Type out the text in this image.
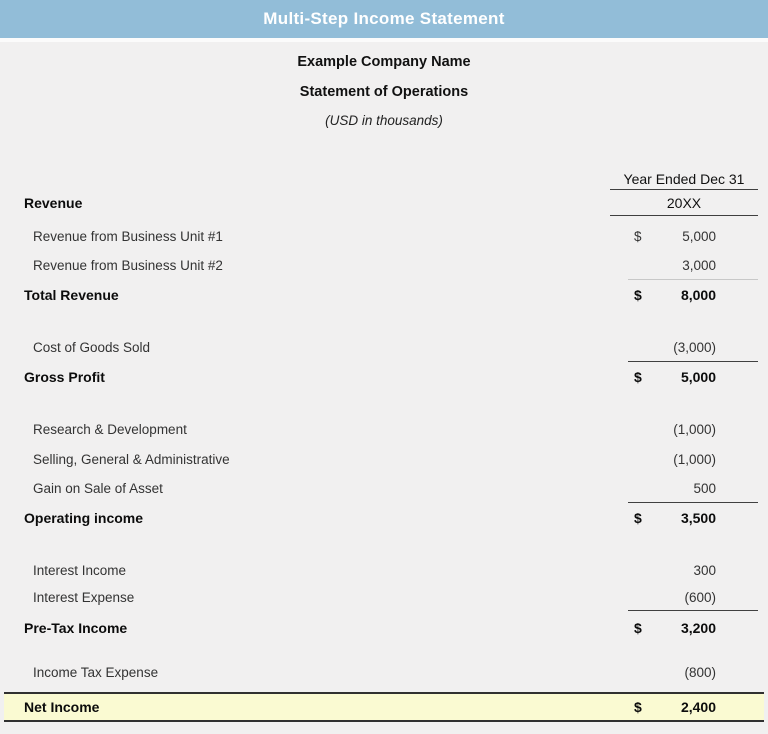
Multi-Step Income Statement
Example Company Name
Statement of Operations
(USD in thousands)
Year Ended Dec 31
Revenue	20XX
Revenue from Business Unit #1	$	5,000
Revenue from Business Unit #2	3,000
Total Revenue	$	8,000
Cost of Goods Sold	(3,000)
Gross Profit	$	5,000
Research & Development	(1,000)
Selling, General & Administrative	(1,000)
Gain on Sale of Asset	500
Operating income	$	3,500
Interest Income	300
Interest Expense	(600)
Pre-Tax Income	$	3,200
Income Tax Expense	(800)
Net Income	$	2,400
